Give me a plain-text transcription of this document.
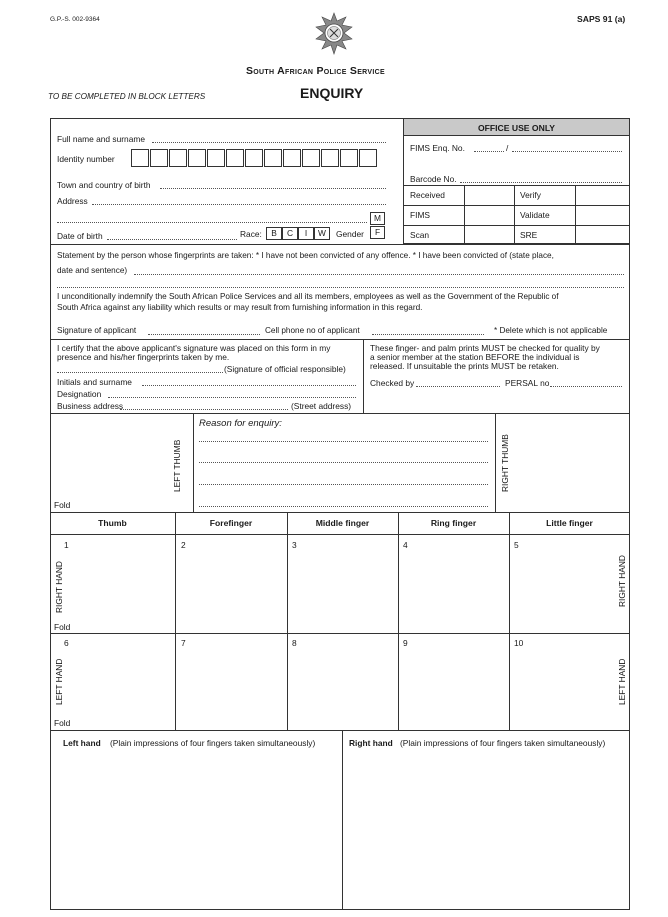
G.P.-S. 002-9364	SAPS 91 (a)
South African Police Service
TO BE COMPLETED IN BLOCK LETTERS	ENQUIRY
Full name and surname
Identity number
Town and country of birth
Address
M
Date of birth	Race:	B	C	I	W	Gender	F
OFFICE USE ONLY
FIMS Enq. No.	/
Barcode No.
Received	Verify
FIMS	Validate
Scan	SRE
Statement by the person whose fingerprints are taken: * I have not been convicted of any offence. * I have been convicted of (state place,
date and sentence)
I unconditionally indemnify the South African Police Services and all its members, employees as well as the Government of the Republic of
South Africa against any liability which results or may result from furnishing information in this regard.
Signature of applicant	Cell phone no of applicant	* Delete which is not applicable
I certify that the above applicant's signature was placed on this form in my
presence and his/her fingerprints taken by me.
(Signature of official responsible)
Initials and surname
Designation
Business address	(Street address)
These finger- and palm prints MUST be checked for quality by
a senior member at the station BEFORE the individual is
released. If unsuitable the prints MUST be retaken.
Checked by	PERSAL no
LEFT THUMB	RIGHT THUMB
Reason for enquiry:
Fold
Thumb	Forefinger	Middle finger	Ring finger	Little finger
1	2	3	4	5
RIGHT HAND	RIGHT HAND
Fold
6	7	8	9	10
LEFT HAND	LEFT HAND
Fold
Left hand (Plain impressions of four fingers taken simultaneously)	Right hand (Plain impressions of four fingers taken simultaneously)
